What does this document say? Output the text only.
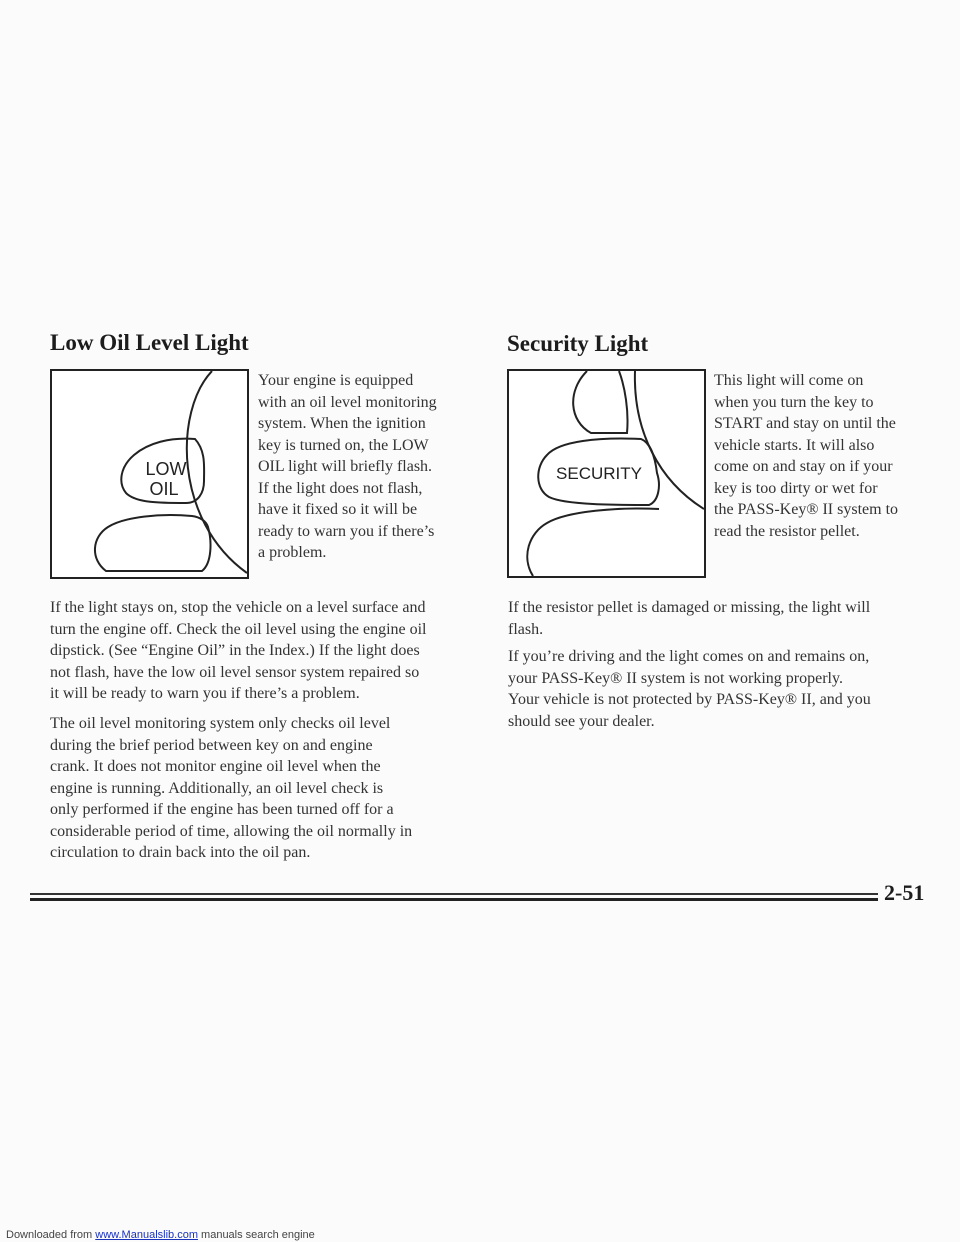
Low Oil Level Light
LOW
OIL

Your engine is equipped
with an oil level monitoring
system. When the ignition
key is turned on, the LOW
OIL light will briefly flash.
If the light does not flash,
have it fixed so it will be
ready to warn you if there’s
a problem.

If the light stays on, stop the vehicle on a level surface and
turn the engine off. Check the oil level using the engine oil
dipstick. (See “Engine Oil” in the Index.) If the light does
not flash, have the low oil level sensor system repaired so
it will be ready to warn you if there’s a problem.

The oil level monitoring system only checks oil level
during the brief period between key on and engine
crank. It does not monitor engine oil level when the
engine is running. Additionally, an oil level check is
only performed if the engine has been turned off for a
considerable period of time, allowing the oil normally in
circulation to drain back into the oil pan.

Security Light
SECURITY

This light will come on
when you turn the key to
START and stay on until the
vehicle starts. It will also
come on and stay on if your
key is too dirty or wet for
the PASS-Key® II system to
read the resistor pellet.

If the resistor pellet is damaged or missing, the light will
flash.

If you’re driving and the light comes on and remains on,
your PASS-Key® II system is not working properly.
Your vehicle is not protected by PASS-Key® II, and you
should see your dealer.

2-51
Downloaded from www.Manualslib.com manuals search engine
